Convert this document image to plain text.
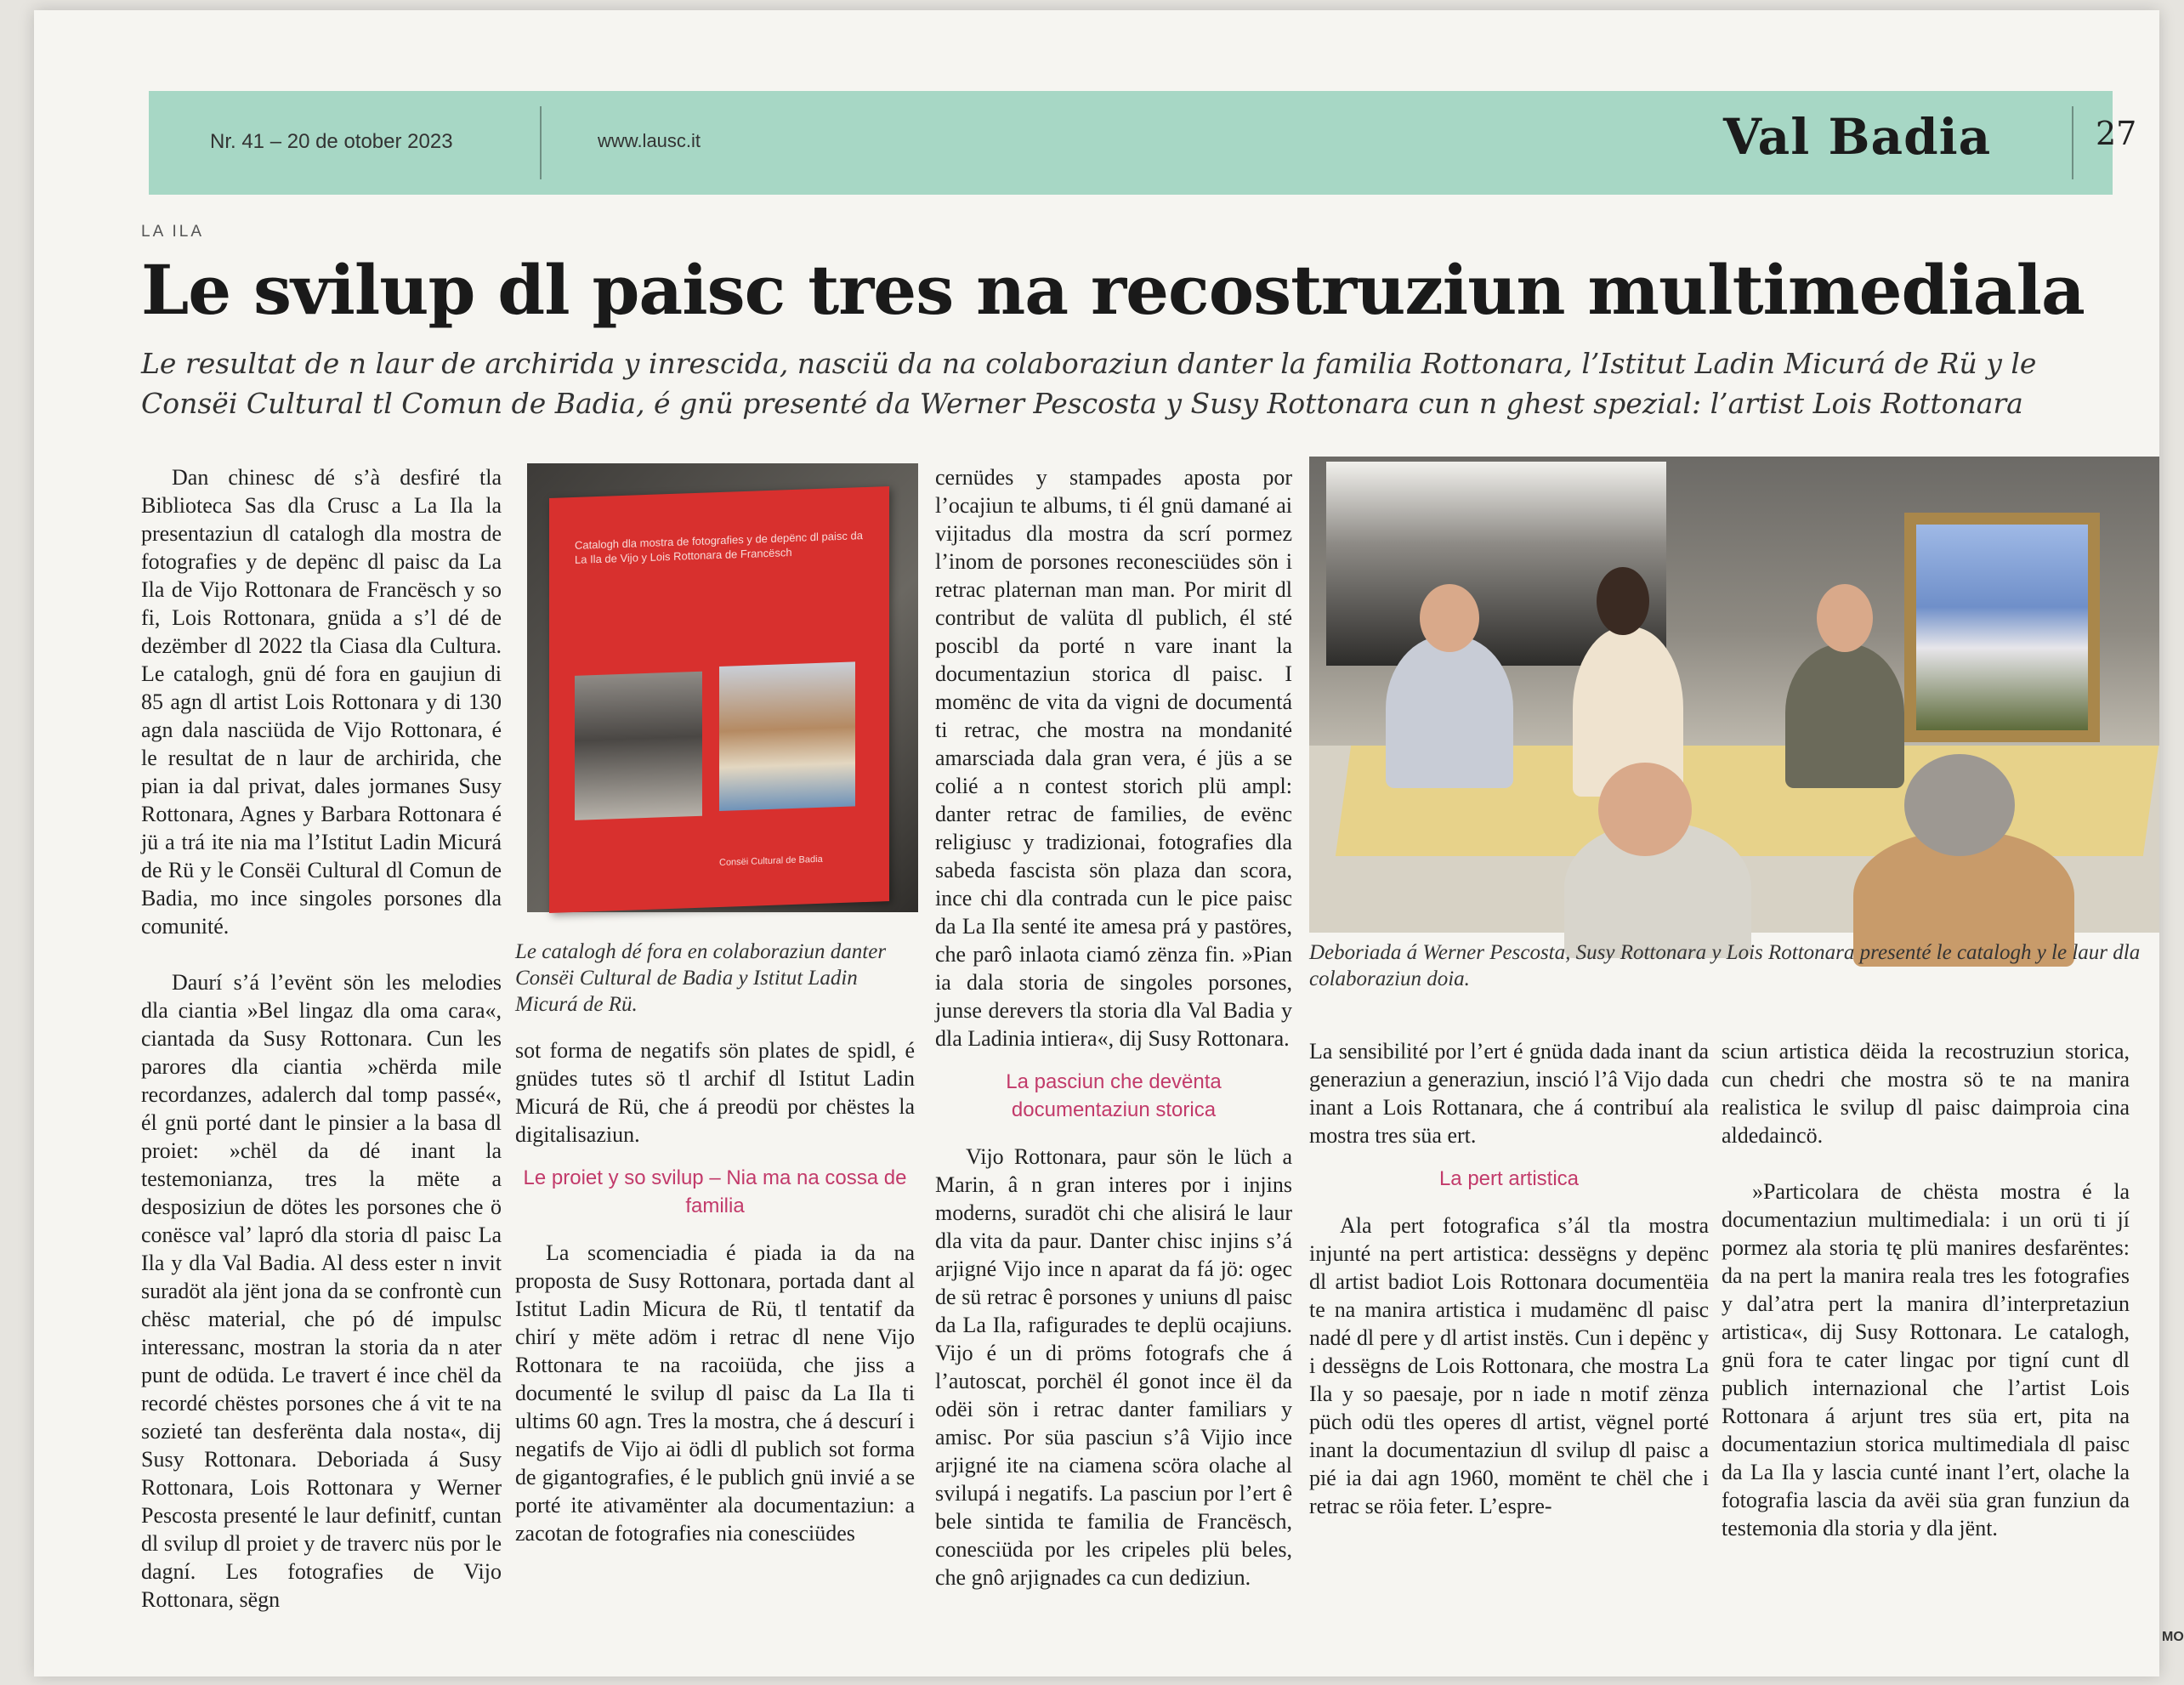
Nr. 41 – 20 de otober 2023	www.lausc.it	Val Badia	27
LA ILA
Le svilup dl paisc tres na recostruziun multimediala
Le resultat de n laur de archirida y inrescida, nasciü da na colaboraziun danter la familia Rottonara, l’Istitut Ladin Micurá de Rü y le Consëi Cultural tl Comun de Badia, é gnü presenté da Werner Pescosta y Susy Rottonara cun n ghest spezial: l’artist Lois Rottonara

Dan chinesc dé s’à desfiré tla Biblioteca Sas dla Crusc a La Ila la presentaziun dl catalogh dla mostra de fotografies y de depënc dl paisc da La Ila de Vijo Rottonara de Francësch y so fi, Lois Rottonara, gnüda a s’l dé de dezëmber dl 2022 tla Ciasa dla Cultura. Le catalogh, gnü dé fora en gaujiun di 85 agn dl artist Lois Rottonara y di 130 agn dala nasciüda de Vijo Rottonara, é le resultat de n laur de archirida, che pian ia dal privat, dales jormanes Susy Rottonara, Agnes y Barbara Rottonara é jü a trá ite nia ma l’Istitut Ladin Micurá de Rü y le Consëi Cultural dl Comun de Badia, mo ince singoles porsones dla comunité.

Daurí s’á l’evënt sön les melodies dla ciantia »Bel lingaz dla oma cara«, ciantada da Susy Rottonara. Cun les parores dla ciantia »chërda mile recordanzes, adalerch dal tomp passé«, él gnü porté dant le pinsier a la basa dl proiet: »chël da dé inant la testemonianza, tres la mëte a desposiziun de dötes les porsones che ö conësce val’ lapró dla storia dl paisc La Ila y dla Val Badia. Al dess ester n invit suradöt ala jënt jona da se confrontè cun chësc material, che pó dé impulsc interessanc, mostran la storia da n ater punt de odüda. Le travert é ince chël da recordé chëstes porsones che á vit te na sozieté tan desferënta dala nosta«, dij Susy Rottonara. Deboriada á Susy Rottonara, Lois Rottonara y Werner Pescosta presenté le laur definitf, cuntan dl svilup dl proiet y de traverc nüs por le dagní. Les fotografies de Vijo Rottonara, sëgn

Catalogh dla mostra de fotografies y de depënc dl paisc da La Ila de Vijo y Lois Rottonara de Francësch
Consëi Cultural de Badia
Le catalogh dé fora en colaboraziun danter Consëi Cultural de Badia y Istitut Ladin Micurá de Rü.

sot forma de negatifs sön plates de spidl, é gnüdes tutes sö tl archif dl Istitut Ladin Micurá de Rü, che á preodü por chëstes la digitalisaziun.

Le proiet y so svilup – Nia ma na cossa de familia

La scomenciadia é piada ia da na proposta de Susy Rottonara, portada dant al Istitut Ladin Micura de Rü, tl tentatif da chirí y mëte adöm i retrac dl nene Vijo Rottonara te na racoiüda, che jiss a documenté le svilup dl paisc da La Ila ti ultims 60 agn. Tres la mostra, che á descurí i negatifs de Vijo ai ödli dl publich sot forma de gigantografies, é le publich gnü invié a se porté ite ativamënter ala documentaziun: a zacotan de fotografies nia conesciüdes

cernüdes y stampades aposta por l’ocajiun te albums, ti él gnü damané ai vijitadus dla mostra da scrí pormez l’inom de porsones reconesciüdes sön i retrac platernan man man. Por mirit dl contribut de valüta dl publich, él sté poscibl da porté n vare inant la documentaziun storica dl paisc. I momënc de vita da vigni de documentá ti retrac, che mostra na mondanité amarsciada dala gran vera, é jüs a se colié a n contest storich plü ampl: danter retrac de families, de evënc religiusc y tradizionai, fotografies dla sabeda fascista sön plaza dan scora, ince chi dla contrada cun le pice paisc da La Ila senté ite amesa prá y pastöres, che parô inlaota ciamó zënza fin. »Pian ia dala storia de singoles porsones, junse derevers tla storia dla Val Badia y dla Ladinia intiera«, dij Susy Rottonara.

La pasciun che devënta documentaziun storica

Vijo Rottonara, paur sön le lüch a Marin, â n gran interes por i injins moderns, suradöt chi che alisirá le laur dla vita da paur. Danter chisc injins s’á arjigné Vijo ince n aparat da fá jö: ogec de sü retrac ê porsones y uniuns dl paisc da La Ila, rafigurades te deplü ocajiuns. Vijo é un di pröms fotografs che á l’autoscat, porchël él gonot ince ël da odëi sön i retrac danter familiars y amisc. Por süa pasciun s’â Vijio ince arjigné ite na ciamena scöra olache al svilupá i negatifs. La pasciun por l’ert ê bele sintida te familia de Francësch, conesciüda por les cripeles plü beles, che gnô arjignades ca cun dediziun.

Deboriada á Werner Pescosta, Susy Rottonara y Lois Rottonara presenté le catalogh y le laur dla colaboraziun doia.

La sensibilité por l’ert é gnüda dada inant da generaziun a generaziun, insció l’â Vijo dada inant a Lois Rottanara, che á contribuí ala mostra tres süa ert.

La pert artistica

Ala pert fotografica s’ál tla mostra injunté na pert artistica: dessëgns y depënc dl artist badiot Lois Rottonara documentëia te na manira artistica i mudamënc dl paisc nadé dl pere y dl artist instës. Cun i depënc y i dessëgns de Lois Rottonara, che mostra La Ila y so paesaje, por n iade n motif zënza püch odü tles operes dl artist, vëgnel porté inant la documentaziun dl svilup dl paisc a pié ia dai agn 1960, momënt te chël che i retrac se röia feter. L’espre-

sciun artistica dëida la recostruziun storica, cun chedri che mostra sö te na manira realistica le svilup dl paisc daimproia cina aldedaincö.

»Particolara de chësta mostra é la documentaziun multimediala: i un orü ti jí pormez ala storia tę plü manires desfarëntes: da na pert la manira reala tres les fotografies y dal’atra pert la manira dl’interpretaziun artistica«, dij Susy Rottonara. Le catalogh, gnü fora te cater lingac por tigní cunt dl publich internazional che l’artist Lois Rottonara á arjunt tres süa ert, pita na documentaziun storica multimediala dl paisc da La Ila y lascia cunté inant l’ert, olache la fotografia lascia da avëi süa gran funziun da testemonia dla storia y dla jënt.

MO
